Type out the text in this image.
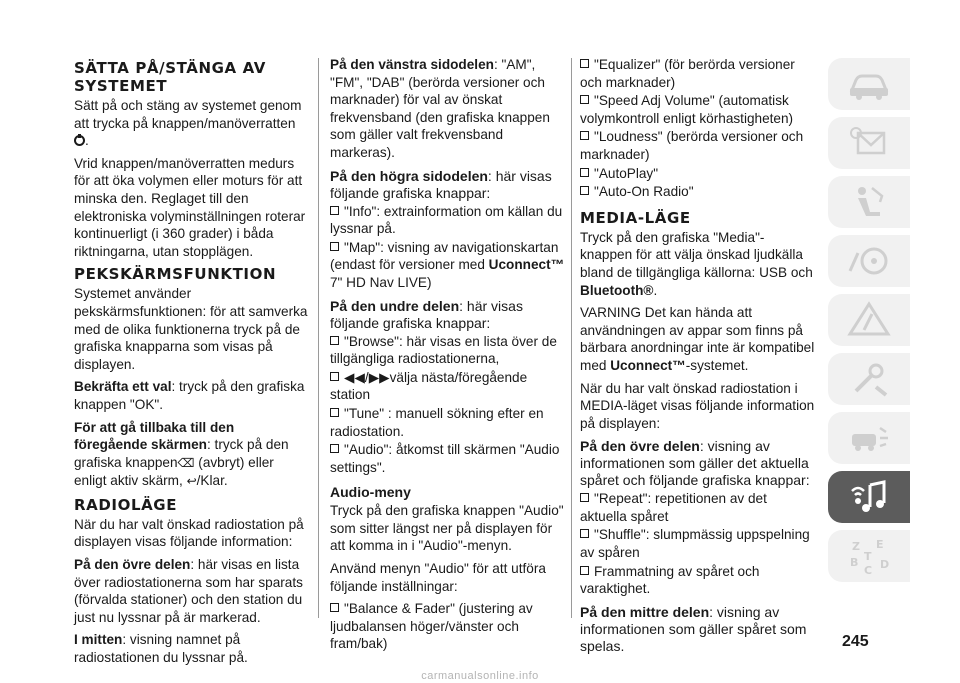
SÄTTA PÅ/STÄNGA AV SYSTEMET

Sätt på och stäng av systemet genom att trycka på knappen/manöverratten
.

Vrid knappen/manöverratten medurs för att öka volymen eller moturs för att minska den. Reglaget till den elektroniska volyminställningen roterar kontinuerligt (i 360 grader) i båda riktningarna, utan stopplägen.

PEKSKÄRMSFUNKTION

Systemet använder pekskärmsfunktionen: för att samverka med de olika funktionerna tryck på de grafiska knapparna som visas på displayen.

Bekräfta ett val: tryck på den grafiska knappen "OK".

För att gå tillbaka till den föregående skärmen: tryck på den grafiska knappen⌫ (avbryt) eller enligt aktiv skärm, ↩/Klar.

RADIOLÄGE

När du har valt önskad radiostation på displayen visas följande information:

På den övre delen: här visas en lista över radiostationerna som har sparats (förvalda stationer) och den station du just nu lyssnar på är markerad.

I mitten: visning namnet på radiostationen du lyssnar på.

På den vänstra sidodelen: "AM", "FM", "DAB" (berörda versioner och marknader) för val av önskat frekvensband (den grafiska knappen som gäller valt frekvensband markeras).

På den högra sidodelen: här visas följande grafiska knappar:
"Info": extrainformation om källan du lyssnar på.
"Map": visning av navigationskartan (endast för versioner med Uconnect™
7" HD Nav LIVE)
På den undre delen: här visas följande grafiska knappar:
"Browse": här visas en lista över de tillgängliga radiostationerna,
◀◀/▶▶välja nästa/föregående station
"Tune" : manuell sökning efter en radiostation.
"Audio": åtkomst till skärmen "Audio settings".
Audio-meny

Tryck på den grafiska knappen "Audio" som sitter längst ner på displayen för att komma in i "Audio"-menyn.

Använd menyn "Audio" för att utföra följande inställningar:

"Balance & Fader" (justering av ljudbalansen höger/vänster och fram/bak)
"Equalizer" (för berörda versioner och marknader)
"Speed Adj Volume" (automatisk volymkontroll enligt körhastigheten)
"Loudness" (berörda versioner och marknader)
"AutoPlay"
"Auto-On Radio"
MEDIA-LÄGE

Tryck på den grafiska "Media"-knappen för att välja önskad ljudkälla bland de tillgängliga källorna: USB och Bluetooth®.

VARNING Det kan hända att användningen av appar som finns på bärbara anordningar inte är kompatibel med Uconnect™-systemet.

När du har valt önskad radiostation i MEDIA-läget visas följande information på displayen:

På den övre delen: visning av informationen som gäller det aktuella spåret och följande grafiska knappar:
"Repeat": repetitionen av det aktuella spåret
"Shuffle": slumpmässig uppspelning av spåren
Frammatning av spåret och varaktighet.
På den mittre delen: visning av informationen som gäller spåret som spelas.
Z E
B
C
T
D
245
carmanualsonline.info
